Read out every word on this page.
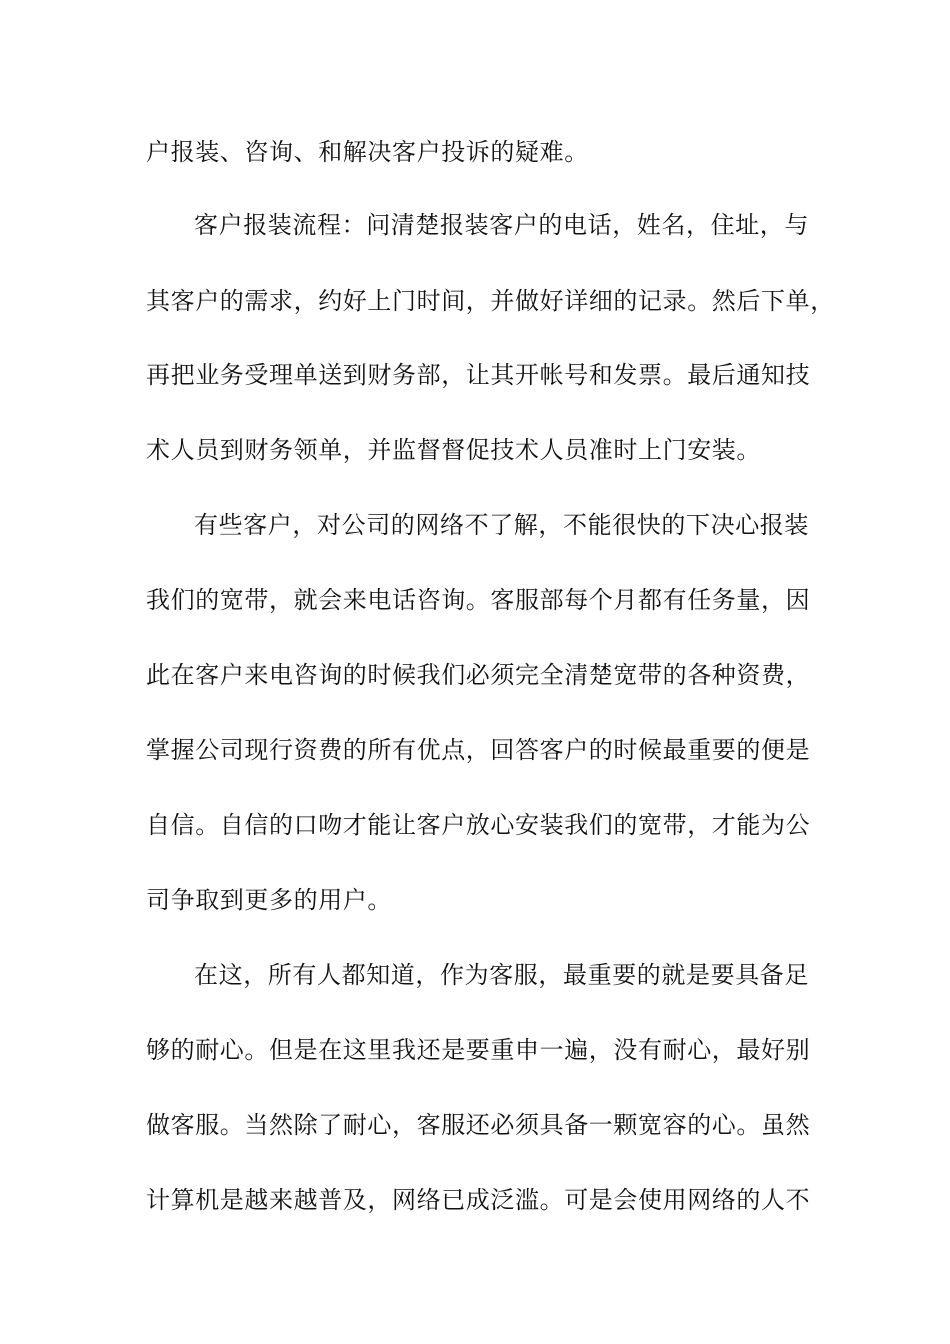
户报装、咨询、和解决客户投诉的疑难。
客户报装流程：问清楚报装客户的电话，姓名，住址，与
其客户的需求，约好上门时间，并做好详细的记录。然后下单，
再把业务受理单送到财务部，让其开帐号和发票。最后通知技
术人员到财务领单，并监督督促技术人员准时上门安装。
有些客户，对公司的网络不了解，不能很快的下决心报装
我们的宽带，就会来电话咨询。客服部每个月都有任务量，因
此在客户来电咨询的时候我们必须完全清楚宽带的各种资费，
掌握公司现行资费的所有优点，回答客户的时候最重要的便是
自信。自信的口吻才能让客户放心安装我们的宽带，才能为公
司争取到更多的用户。
在这，所有人都知道，作为客服，最重要的就是要具备足
够的耐心。但是在这里我还是要重申一遍，没有耐心，最好别
做客服。当然除了耐心，客服还必须具备一颗宽容的心。虽然
计算机是越来越普及，网络已成泛滥。可是会使用网络的人不
